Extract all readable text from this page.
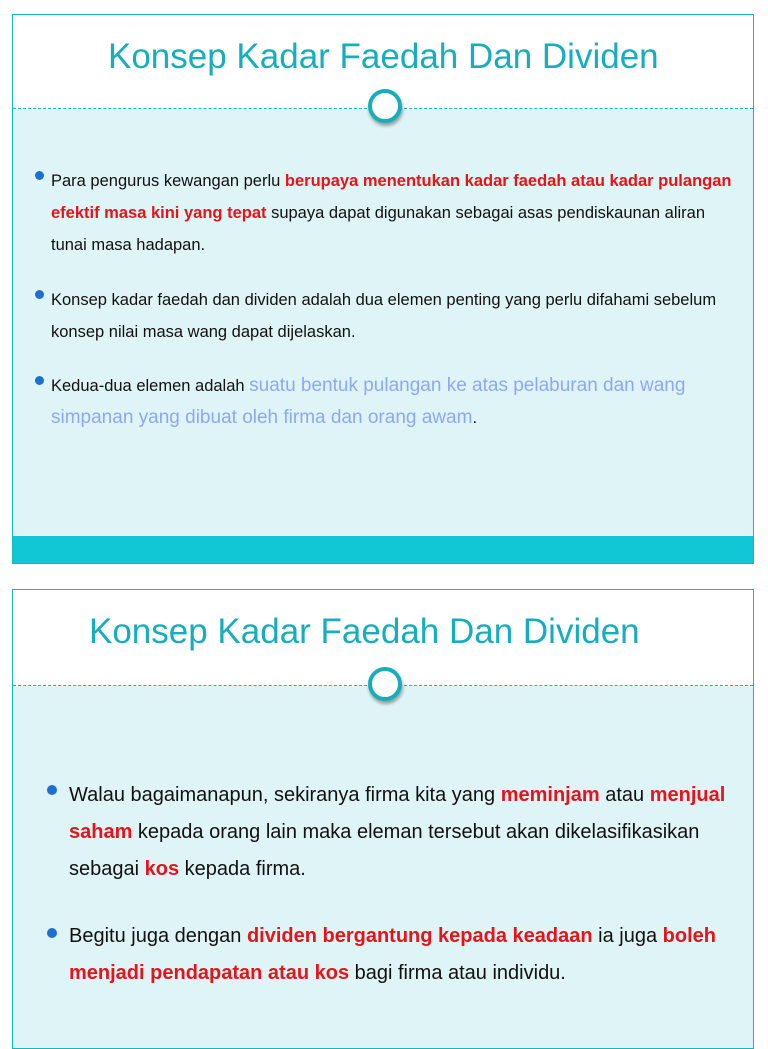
Konsep Kadar Faedah Dan Dividen
Para pengurus kewangan perlu berupaya menentukan kadar faedah atau kadar pulangan efektif masa kini yang tepat supaya dapat digunakan sebagai asas pendiskaunan aliran tunai masa hadapan.
Konsep kadar faedah dan dividen adalah dua elemen penting yang perlu difahami sebelum konsep nilai masa wang dapat dijelaskan.
Kedua-dua elemen adalah suatu bentuk pulangan ke atas pelaburan dan wang simpanan yang dibuat oleh firma dan orang awam.
Konsep Kadar Faedah Dan Dividen
Walau bagaimanapun, sekiranya firma kita yang meminjam atau menjual saham kepada orang lain maka eleman tersebut akan dikelasifikasikan sebagai kos kepada firma.
Begitu juga dengan dividen bergantung kepada keadaan ia juga boleh menjadi pendapatan atau kos bagi firma atau individu.
